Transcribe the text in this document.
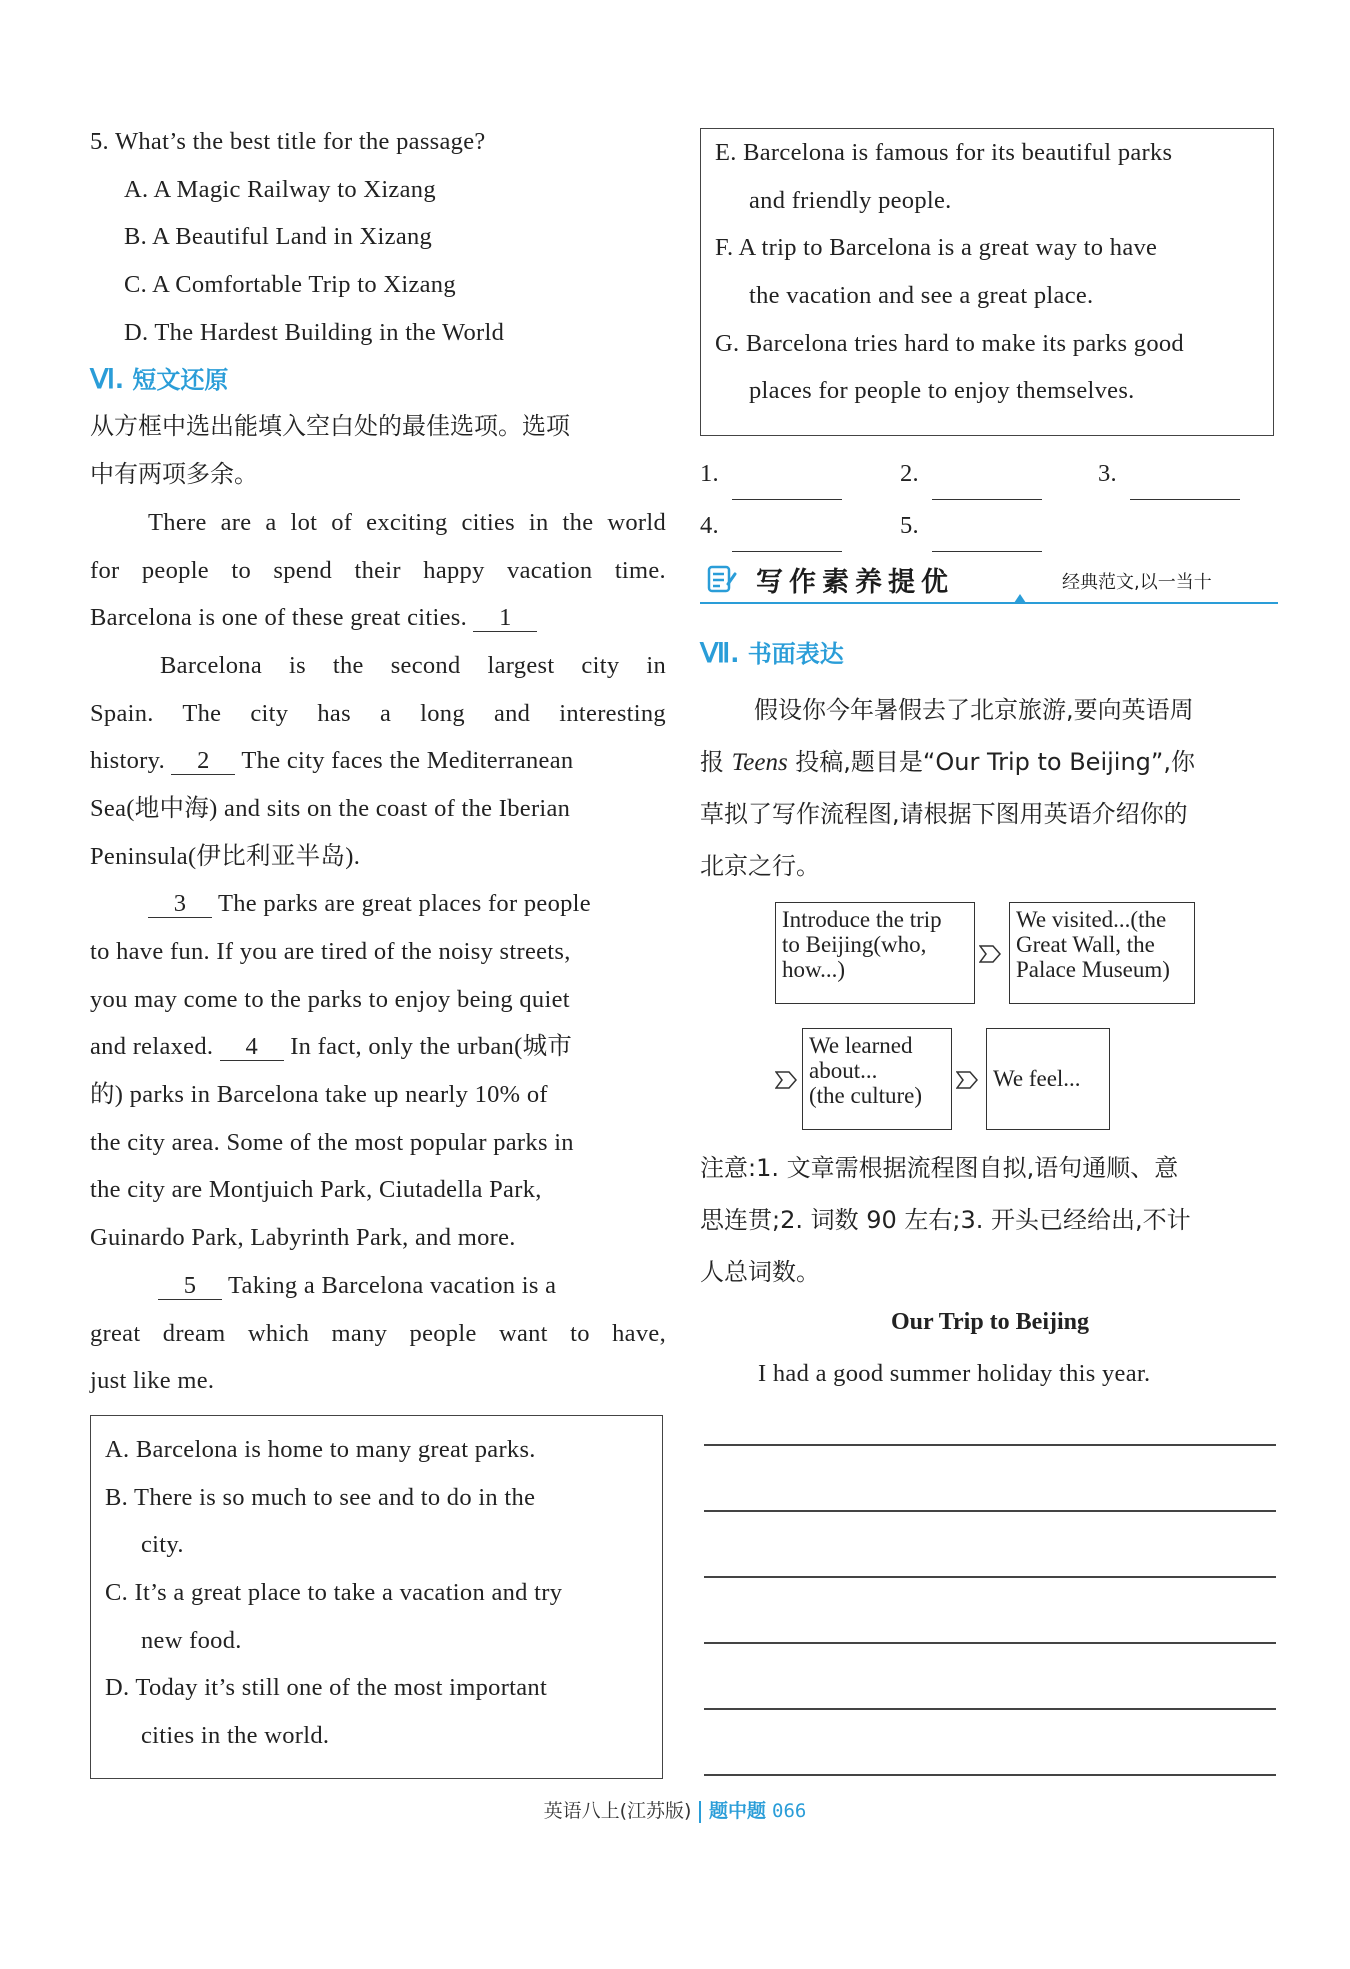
5. What’s the best title for the passage?
A. A Magic Railway to Xizang
B. A Beautiful Land in Xizang
C. A Comfortable Trip to Xizang
D. The Hardest Building in the World
Ⅵ. 短文还原
从方框中选出能填入空白处的最佳选项。选项
中有两项多余。
There are a lot of exciting cities in the world
for people to spend their happy vacation time.
Barcelona is one of these great cities. 1
Barcelona is the second largest city in
Spain. The city has a long and interesting
history. 2 The city faces the Mediterranean
Sea(地中海) and sits on the coast of the Iberian
Peninsula(伊比利亚半岛).
3 The parks are great places for people
to have fun. If you are tired of the noisy streets,
you may come to the parks to enjoy being quiet
and relaxed. 4 In fact, only the urban(城市
的) parks in Barcelona take up nearly 10% of
the city area. Some of the most popular parks in
the city are Montjuich Park, Ciutadella Park,
Guinardo Park, Labyrinth Park, and more.
5 Taking a Barcelona vacation is a
great dream which many people want to have,
just like me.
A. Barcelona is home to many great parks.
B. There is so much to see and to do in the
city.
C. It’s a great place to take a vacation and try
new food.
D. Today it’s still one of the most important
cities in the world.
E. Barcelona is famous for its beautiful parks
and friendly people.
F. A trip to Barcelona is a great way to have
the vacation and see a great place.
G. Barcelona tries hard to make its parks good
places for people to enjoy themselves.
1.	2.	3.
4.	5.
写作素养提优	经典范文,以一当十
Ⅶ. 书面表达
假设你今年暑假去了北京旅游,要向英语周
报 Teens 投稿,题目是“Our Trip to Beijing”,你
草拟了写作流程图,请根据下图用英语介绍你的
北京之行。
Introduce the trip
to Beijing(who,
how...)
We visited...(the
Great Wall, the
Palace Museum)
We learned
about...
(the culture)
We feel...
注意:1. 文章需根据流程图自拟,语句通顺、意
思连贯;2. 词数 90 左右;3. 开头已经给出,不计
人总词数。
Our Trip to Beijing
I had a good summer holiday this year.
英语八上(江苏版) 题中题 066
